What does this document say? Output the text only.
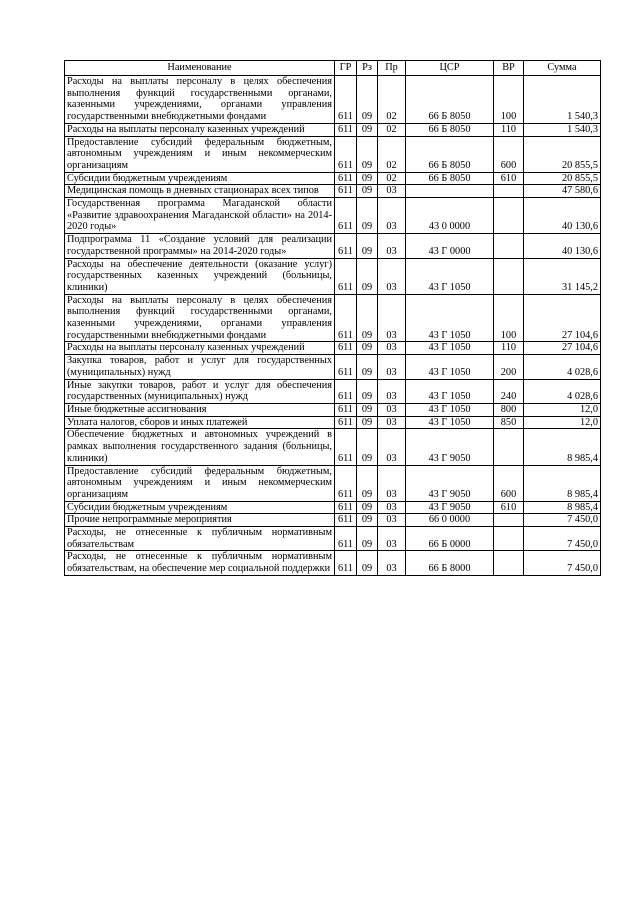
Наименование	ГР	Рз	Пр	ЦСР	ВР	Сумма
Расходы на выплаты персоналу в целях обеспечения выполнения функций государственными органами, казенными учреждениями, органами управления государственными внебюджетными фондами	611	09	02	66 Б 8050	100	1 540,3
Расходы на выплаты персоналу казенных учреждений	611	09	02	66 Б 8050	110	1 540,3
Предоставление субсидий федеральным бюджетным, автономным учреждениям и иным некоммерческим организациям	611	09	02	66 Б 8050	600	20 855,5
Субсидии бюджетным учреждениям	611	09	02	66 Б 8050	610	20 855,5
Медицинская помощь в дневных стационарах всех типов	611	09	03			47 580,6
Государственная программа Магаданской области «Развитие здравоохранения Магаданской области» на 2014-2020 годы»	611	09	03	43 0 0000		40 130,6
Подпрограмма 11 «Создание условий для реализации государственной программы» на 2014-2020 годы»	611	09	03	43 Г 0000		40 130,6
Расходы на обеспечение деятельности (оказание услуг) государственных казенных учреждений (больницы, клиники)	611	09	03	43 Г 1050		31 145,2
Расходы на выплаты персоналу в целях обеспечения выполнения функций государственными органами, казенными учреждениями, органами управления государственными внебюджетными фондами	611	09	03	43 Г 1050	100	27 104,6
Расходы на выплаты персоналу казенных учреждений	611	09	03	43 Г 1050	110	27 104,6
Закупка товаров, работ и услуг для государственных (муниципальных) нужд	611	09	03	43 Г 1050	200	4 028,6
Иные закупки товаров, работ и услуг для обеспечения государственных (муниципальных) нужд	611	09	03	43 Г 1050	240	4 028,6
Иные бюджетные ассигнования	611	09	03	43 Г 1050	800	12,0
Уплата налогов, сборов и иных платежей	611	09	03	43 Г 1050	850	12,0
Обеспечение бюджетных и автономных учреждений в рамках выполнения государственного задания (больницы, клиники)	611	09	03	43 Г 9050		8 985,4
Предоставление субсидий федеральным бюджетным, автономным учреждениям и иным некоммерческим организациям	611	09	03	43 Г 9050	600	8 985,4
Субсидии бюджетным учреждениям	611	09	03	43 Г 9050	610	8 985,4
Прочие непрограммные мероприятия	611	09	03	66 0 0000		7 450,0
Расходы, не отнесенные к публичным нормативным обязательствам	611	09	03	66 Б 0000		7 450,0
Расходы, не отнесенные к публичным нормативным обязательствам, на обеспечение мер социальной поддержки	611	09	03	66 Б 8000		7 450,0
